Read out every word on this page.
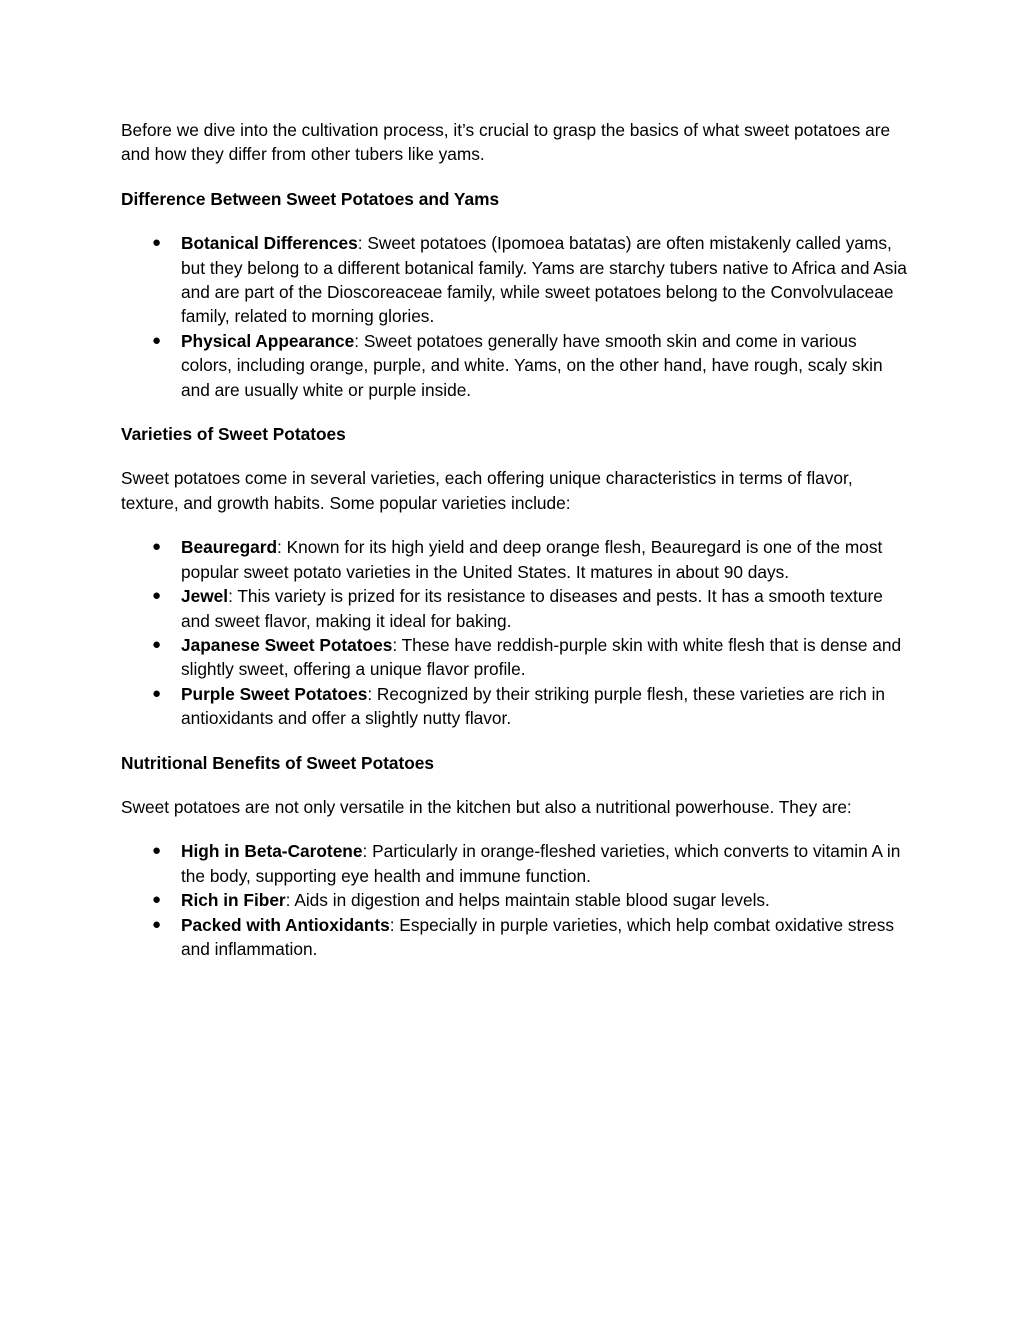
Before we dive into the cultivation process, it’s crucial to grasp the basics of what sweet potatoes are and how they differ from other tubers like yams.

Difference Between Sweet Potatoes and Yams

● Botanical Differences: Sweet potatoes (Ipomoea batatas) are often mistakenly called yams, but they belong to a different botanical family. Yams are starchy tubers native to Africa and Asia and are part of the Dioscoreaceae family, while sweet potatoes belong to the Convolvulaceae family, related to morning glories.
● Physical Appearance: Sweet potatoes generally have smooth skin and come in various colors, including orange, purple, and white. Yams, on the other hand, have rough, scaly skin and are usually white or purple inside.

Varieties of Sweet Potatoes

Sweet potatoes come in several varieties, each offering unique characteristics in terms of flavor, texture, and growth habits. Some popular varieties include:

● Beauregard: Known for its high yield and deep orange flesh, Beauregard is one of the most popular sweet potato varieties in the United States. It matures in about 90 days.
● Jewel: This variety is prized for its resistance to diseases and pests. It has a smooth texture and sweet flavor, making it ideal for baking.
● Japanese Sweet Potatoes: These have reddish-purple skin with white flesh that is dense and slightly sweet, offering a unique flavor profile.
● Purple Sweet Potatoes: Recognized by their striking purple flesh, these varieties are rich in antioxidants and offer a slightly nutty flavor.

Nutritional Benefits of Sweet Potatoes

Sweet potatoes are not only versatile in the kitchen but also a nutritional powerhouse. They are:

● High in Beta-Carotene: Particularly in orange-fleshed varieties, which converts to vitamin A in the body, supporting eye health and immune function.
● Rich in Fiber: Aids in digestion and helps maintain stable blood sugar levels.
● Packed with Antioxidants: Especially in purple varieties, which help combat oxidative stress and inflammation.
